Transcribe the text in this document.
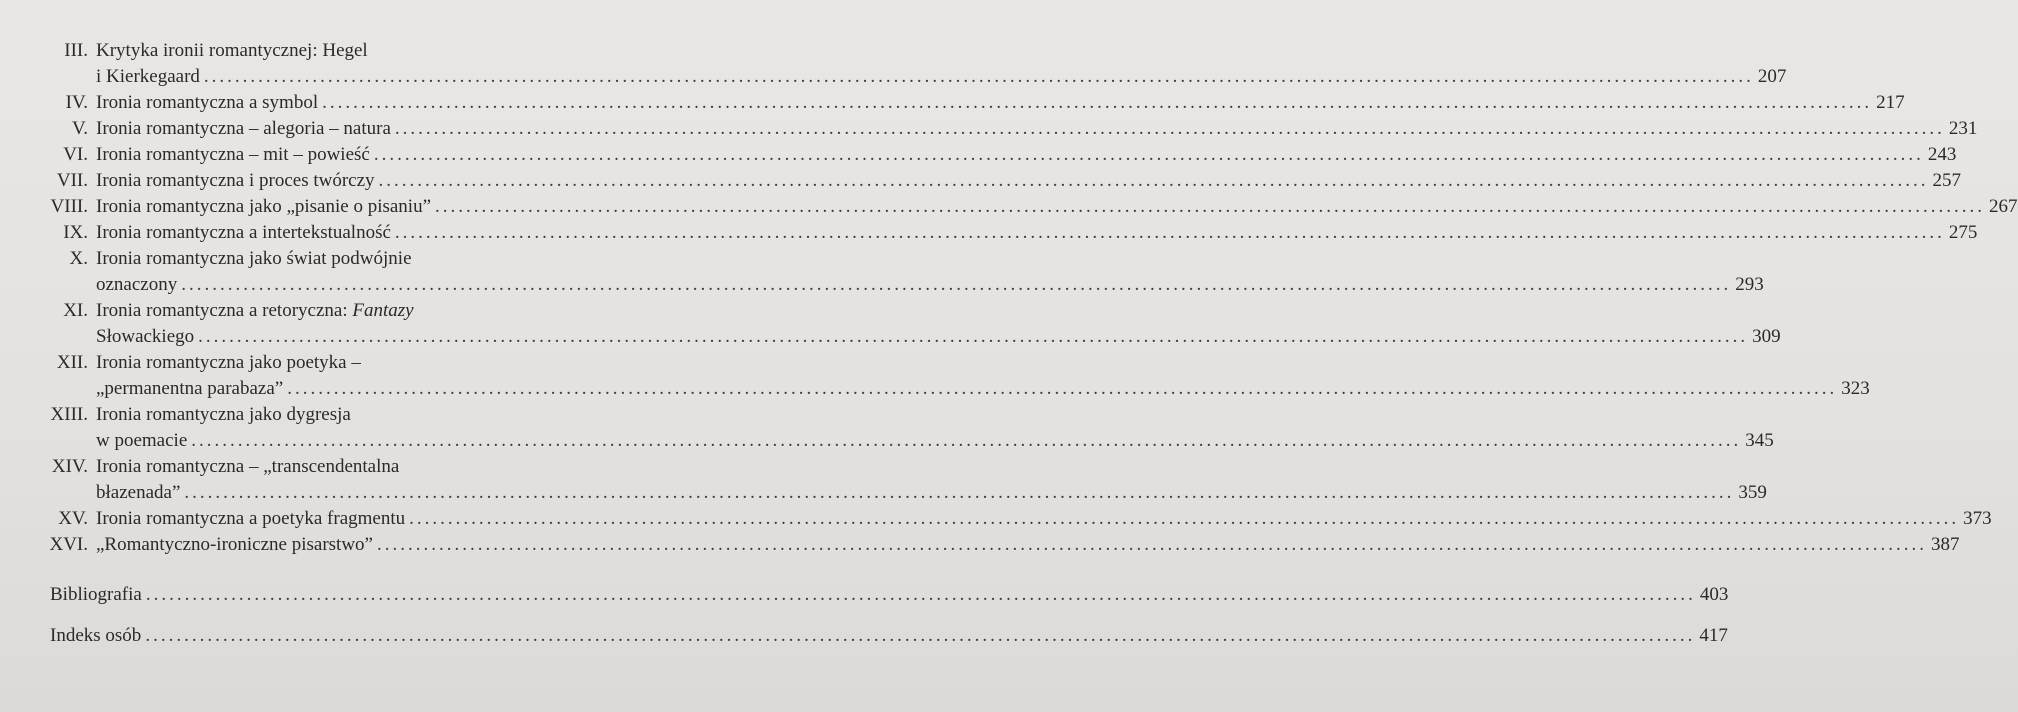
III. Krytyka ironii romantycznej: Hegel
i Kierkegaard ........................................................................................................................................................................................................ 207
IV. Ironia romantyczna a symbol ........................................................................................................................................................................................................ 217
V. Ironia romantyczna – alegoria – natura ........................................................................................................................................................................................................ 231
VI. Ironia romantyczna – mit – powieść ........................................................................................................................................................................................................ 243
VII. Ironia romantyczna i proces twórczy ........................................................................................................................................................................................................ 257
VIII. Ironia romantyczna jako „pisanie o pisaniu” ........................................................................................................................................................................................................ 267
IX. Ironia romantyczna a intertekstualność ........................................................................................................................................................................................................ 275
X. Ironia romantyczna jako świat podwójnie
oznaczony ........................................................................................................................................................................................................ 293
XI. Ironia romantyczna a retoryczna: Fantazy
Słowackiego ........................................................................................................................................................................................................ 309
XII. Ironia romantyczna jako poetyka –
„permanentna parabaza” ........................................................................................................................................................................................................ 323
XIII. Ironia romantyczna jako dygresja
w poemacie ........................................................................................................................................................................................................ 345
XIV. Ironia romantyczna – „transcendentalna
błazenada” ........................................................................................................................................................................................................ 359
XV. Ironia romantyczna a poetyka fragmentu ........................................................................................................................................................................................................ 373
XVI. „Romantyczno-ironiczne pisarstwo” ........................................................................................................................................................................................................ 387
Bibliografia ........................................................................................................................................................................................................ 403
Indeks osób ........................................................................................................................................................................................................ 417
